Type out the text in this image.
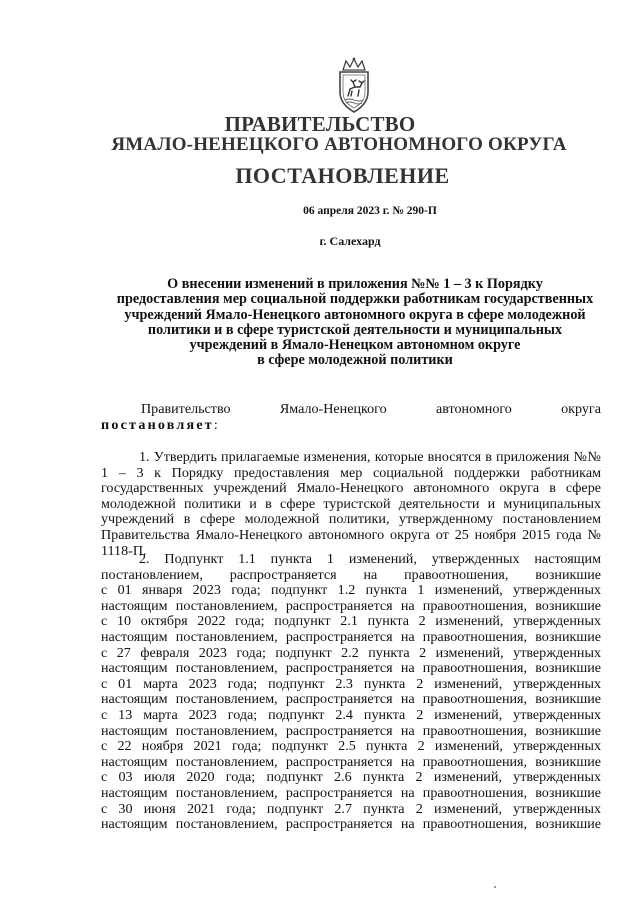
ПРАВИТЕЛЬСТВО
ЯМАЛО-НЕНЕЦКОГО АВТОНОМНОГО ОКРУГА
ПОСТАНОВЛЕНИЕ
06 апреля 2023 г. № 290-П
г. Салехард
О внесении изменений в приложения №№ 1 – 3 к Порядку
предоставления мер социальной поддержки работникам государственных
учреждений Ямало-Ненецкого автономного округа в сфере молодежной
политики и в сфере туристской деятельности и муниципальных
учреждений в Ямало-Ненецком автономном округе
в сфере молодежной политики
Правительство	Ямало-Ненецкого	автономного	округа
постановляет:
1. Утвердить прилагаемые изменения, которые вносятся в приложения №№ 1 – 3 к Порядку предоставления мер социальной поддержки работникам государственных учреждений Ямало-Ненецкого автономного округа в сфере молодежной политики и в сфере туристской деятельности и муниципальных учреждений в сфере молодежной политики, утвержденному постановлением Правительства Ямало-Ненецкого автономного округа от 25 ноября 2015 года № 1118-П.
2. Подпункт 1.1 пункта 1 изменений, утвержденных настоящим
постановлением, распространяется на правоотношения, возникшие
с 01 января 2023 года; подпункт 1.2 пункта 1 изменений, утвержденных
настоящим постановлением, распространяется на правоотношения, возникшие
с 10 октября 2022 года; подпункт 2.1 пункта 2 изменений, утвержденных
настоящим постановлением, распространяется на правоотношения, возникшие
с 27 февраля 2023 года; подпункт 2.2 пункта 2 изменений, утвержденных
настоящим постановлением, распространяется на правоотношения, возникшие
с 01 марта 2023 года; подпункт 2.3 пункта 2 изменений, утвержденных
настоящим постановлением, распространяется на правоотношения, возникшие
с 13 марта 2023 года; подпункт 2.4 пункта 2 изменений, утвержденных
настоящим постановлением, распространяется на правоотношения, возникшие
с 22 ноября 2021 года; подпункт 2.5 пункта 2 изменений, утвержденных
настоящим постановлением, распространяется на правоотношения, возникшие
с 03 июля 2020 года; подпункт 2.6 пункта 2 изменений, утвержденных
настоящим постановлением, распространяется на правоотношения, возникшие
с 30 июня 2021 года; подпункт 2.7 пункта 2 изменений, утвержденных
настоящим постановлением, распространяется на правоотношения, возникшие
